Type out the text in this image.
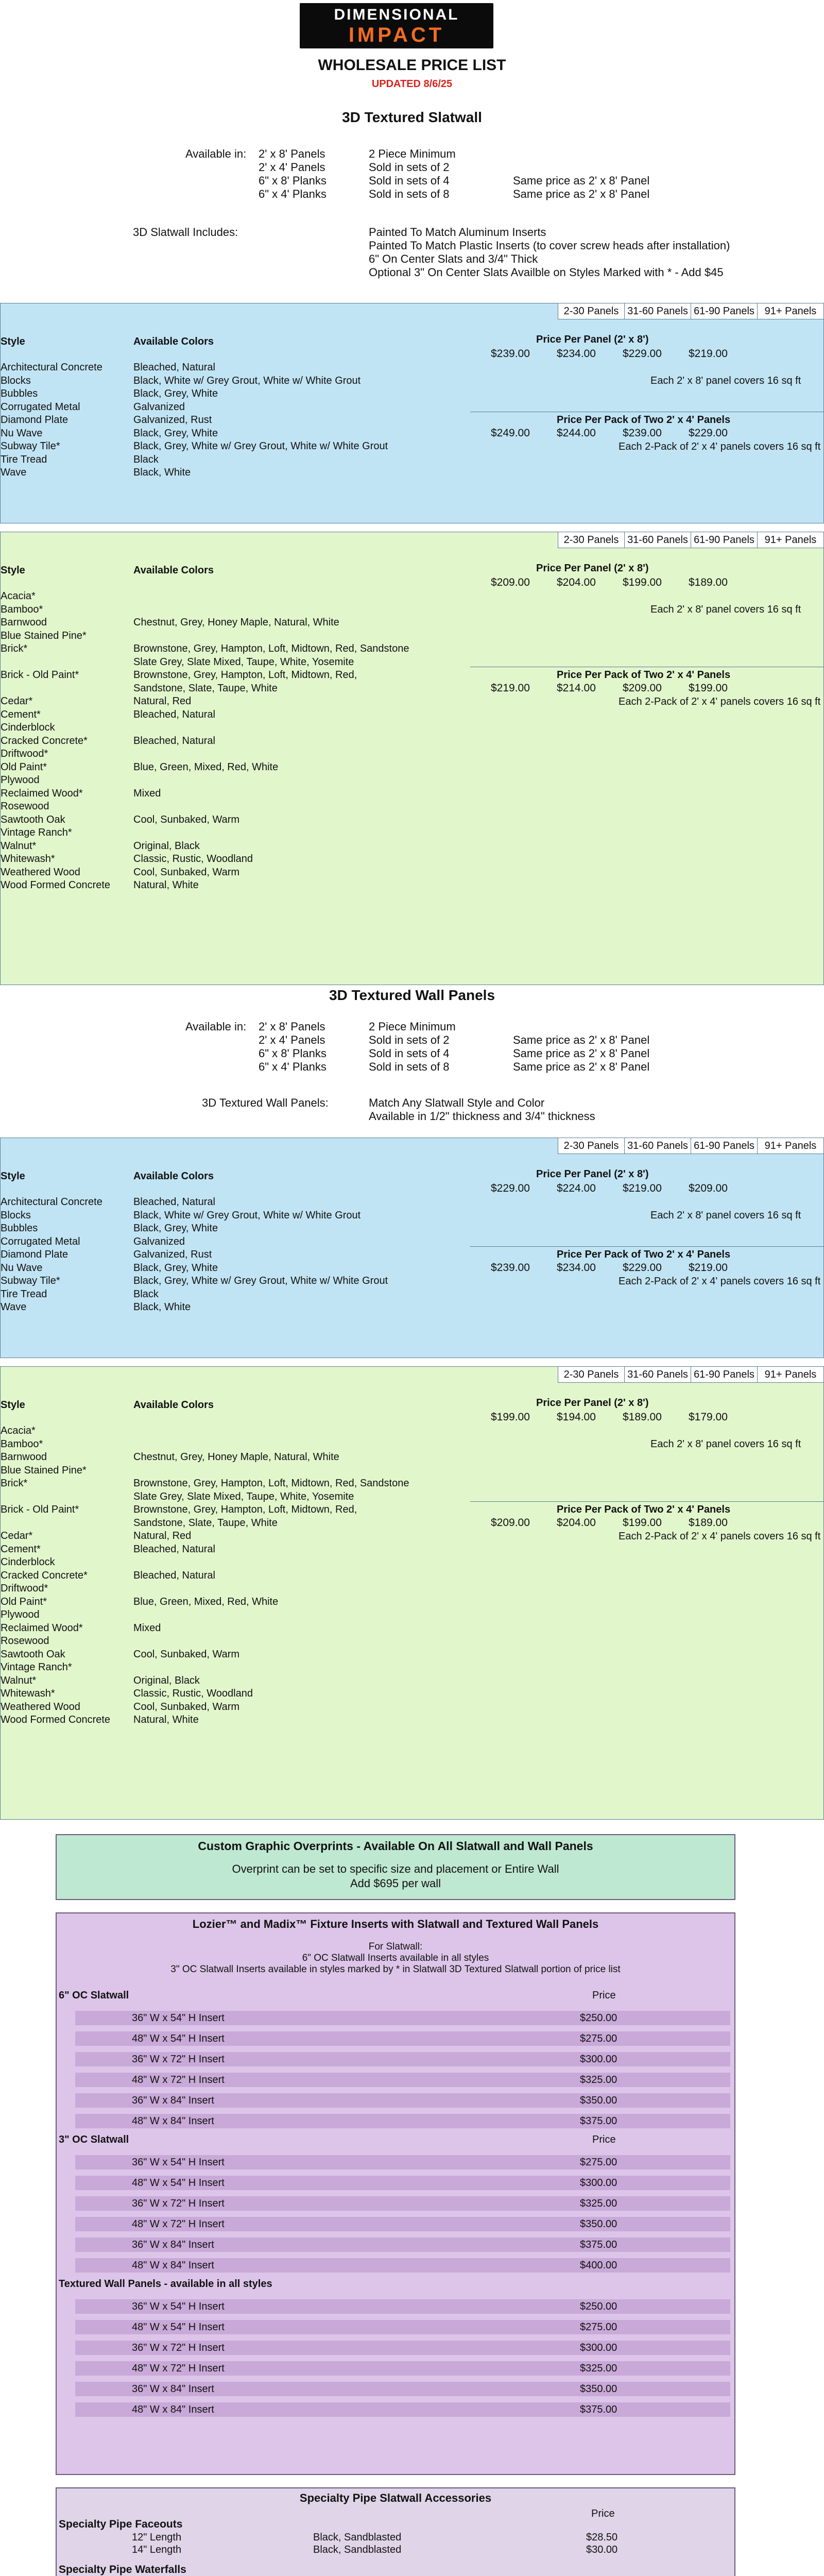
DIMENSIONAL
IMPACT
WHOLESALE PRICE LIST
UPDATED 8/6/25
3D Textured Slatwall
Available in: 2' x 8' Panels	2 Piece Minimum
2' x 4' Panels	Sold in sets of 2
6" x 8' Planks	Sold in sets of 4	Same price as 2' x 8' Panel
6" x 4' Planks	Sold in sets of 8	Same price as 2' x 8' Panel
3D Slatwall Includes:	Painted To Match Aluminum Inserts
Painted To Match Plastic Inserts (to cover screw heads after installation)
6" On Center Slats and 3/4" Thick
Optional 3" On Center Slats Availble on Styles Marked with * - Add $45
2-30 Panels 31-60 Panels 61-90 Panels 91+ Panels
Style	Available Colors	Price Per Panel (2' x 8')
$239.00 $234.00 $229.00 $219.00
Architectural Concrete	Bleached, Natural
Blocks	Black, White w/ Grey Grout, White w/ White Grout
Bubbles	Black, Grey, White
Corrugated Metal	Galvanized
Diamond Plate	Galvanized, Rust
Nu Wave	Black, Grey, White
Subway Tile*	Black, Grey, White w/ Grey Grout, White w/ White Grout
Tire Tread	Black
Wave	Black, White
Each 2' x 8' panel covers 16 sq ft
Price Per Pack of Two 2' x 4' Panels
$249.00 $244.00 $239.00 $229.00
Each 2-Pack of 2' x 4' panels covers 16 sq ft
2-30 Panels 31-60 Panels 61-90 Panels 91+ Panels
Style	Available Colors	Price Per Panel (2' x 8')
$209.00 $204.00 $199.00 $189.00
Acacia*
Bamboo*
Barnwood	Chestnut, Grey, Honey Maple, Natural, White
Blue Stained Pine*
Brick*	Brownstone, Grey, Hampton, Loft, Midtown, Red, Sandstone
Slate Grey, Slate Mixed, Taupe, White, Yosemite
Brick - Old Paint*	Brownstone, Grey, Hampton, Loft, Midtown, Red,
Sandstone, Slate, Taupe, White
Cedar*	Natural, Red
Cement*	Bleached, Natural
Cinderblock
Cracked Concrete*	Bleached, Natural
Driftwood*
Old Paint*	Blue, Green, Mixed, Red, White
Plywood
Reclaimed Wood*	Mixed
Rosewood
Sawtooth Oak	Cool, Sunbaked, Warm
Vintage Ranch*
Walnut*	Original, Black
Whitewash*	Classic, Rustic, Woodland
Weathered Wood	Cool, Sunbaked, Warm
Wood Formed Concrete Natural, White
Each 2' x 8' panel covers 16 sq ft
Price Per Pack of Two 2' x 4' Panels
$219.00 $214.00 $209.00 $199.00
Each 2-Pack of 2' x 4' panels covers 16 sq ft
3D Textured Wall Panels
Available in: 2' x 8' Panels	2 Piece Minimum
2' x 4' Panels	Sold in sets of 2	Same price as 2' x 8' Panel
6" x 8' Planks	Sold in sets of 4	Same price as 2' x 8' Panel
6" x 4' Planks	Sold in sets of 8	Same price as 2' x 8' Panel
3D Textured Wall Panels:	Match Any Slatwall Style and Color
Available in 1/2" thickness and 3/4" thickness
2-30 Panels 31-60 Panels 61-90 Panels 91+ Panels
Style	Available Colors	Price Per Panel (2' x 8')
$229.00 $224.00 $219.00 $209.00
Architectural Concrete	Bleached, Natural
Blocks	Black, White w/ Grey Grout, White w/ White Grout
Bubbles	Black, Grey, White
Corrugated Metal	Galvanized
Diamond Plate	Galvanized, Rust
Nu Wave	Black, Grey, White
Subway Tile*	Black, Grey, White w/ Grey Grout, White w/ White Grout
Tire Tread	Black
Wave	Black, White
Each 2' x 8' panel covers 16 sq ft
Price Per Pack of Two 2' x 4' Panels
$239.00 $234.00 $229.00 $219.00
Each 2-Pack of 2' x 4' panels covers 16 sq ft
2-30 Panels 31-60 Panels 61-90 Panels 91+ Panels
Style	Available Colors	Price Per Panel (2' x 8')
$199.00 $194.00 $189.00 $179.00
Acacia*
Bamboo*
Barnwood	Chestnut, Grey, Honey Maple, Natural, White
Blue Stained Pine*
Brick*	Brownstone, Grey, Hampton, Loft, Midtown, Red, Sandstone
Slate Grey, Slate Mixed, Taupe, White, Yosemite
Brick - Old Paint*	Brownstone, Grey, Hampton, Loft, Midtown, Red,
Sandstone, Slate, Taupe, White
Cedar*	Natural, Red
Cement*	Bleached, Natural
Cinderblock
Cracked Concrete*	Bleached, Natural
Driftwood*
Old Paint*	Blue, Green, Mixed, Red, White
Plywood
Reclaimed Wood*	Mixed
Rosewood
Sawtooth Oak	Cool, Sunbaked, Warm
Vintage Ranch*
Walnut*	Original, Black
Whitewash*	Classic, Rustic, Woodland
Weathered Wood	Cool, Sunbaked, Warm
Wood Formed Concrete Natural, White
Each 2' x 8' panel covers 16 sq ft
Price Per Pack of Two 2' x 4' Panels
$209.00 $204.00 $199.00 $189.00
Each 2-Pack of 2' x 4' panels covers 16 sq ft
Custom Graphic Overprints - Available On All Slatwall and Wall Panels
Overprint can be set to specific size and placement or Entire Wall
Add $695 per wall
Lozier™ and Madix™ Fixture Inserts with Slatwall and Textured Wall Panels
For Slatwall:
6" OC Slatwall Inserts available in all styles
3" OC Slatwall Inserts available in styles marked by * in Slatwall 3D Textured Slatwall portion of price list
6" OC Slatwall	Price
36" W x 54" H Insert	$250.00
48" W x 54" H Insert	$275.00
36" W x 72" H Insert	$300.00
48" W x 72" H Insert	$325.00
36" W x 84" Insert	$350.00
48" W x 84" Insert	$375.00
3" OC Slatwall	Price
36" W x 54" H Insert	$275.00
48" W x 54" H Insert	$300.00
36" W x 72" H Insert	$325.00
48" W x 72" H Insert	$350.00
36" W x 84" Insert	$375.00
48" W x 84" Insert	$400.00
Textured Wall Panels - available in all styles
36" W x 54" H Insert	$250.00
48" W x 54" H Insert	$275.00
36" W x 72" H Insert	$300.00
48" W x 72" H Insert	$325.00
36" W x 84" Insert	$350.00
48" W x 84" Insert	$375.00
Specialty Pipe Slatwall Accessories
Price
Specialty Pipe Faceouts
12" Length	Black, Sandblasted	$28.50
14" Length	Black, Sandblasted	$30.00
Specialty Pipe Waterfalls
